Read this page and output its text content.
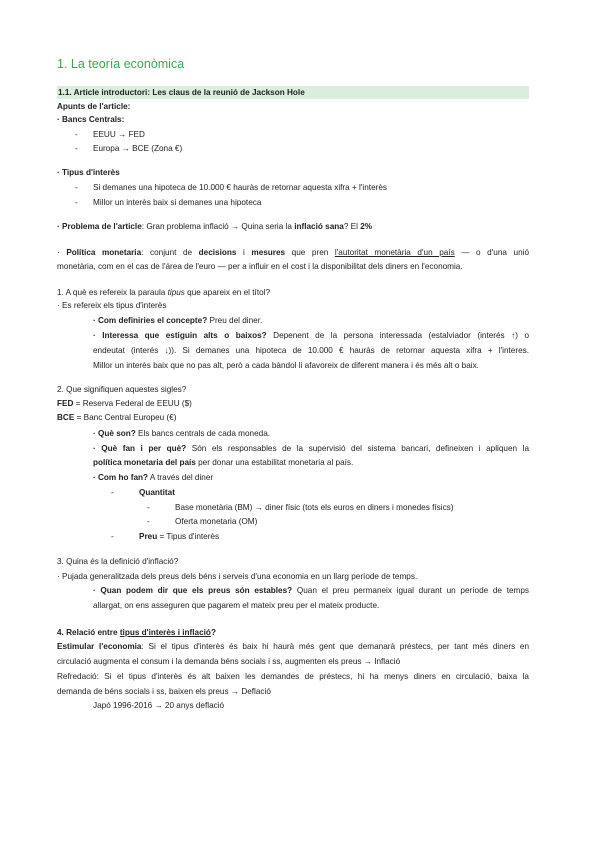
1. La teoría econòmica
1.1. Article introductori: Les claus de la reunió de Jackson Hole
Apunts de l'article:
· Bancs Centrals:
- EEUU → FED
- Europa → BCE (Zona €)
· Tipus d'interès
- Si demanes una hipoteca de 10.000 € hauràs de retornar aquesta xifra + l'interès
- Millor un interès baix si demanes una hipoteca
· Problema de l'article: Gran problema inflació → Quina seria la inflació sana? El 2%
· Política monetaria: conjunt de decisions i mesures que pren l'autoritat monetària d'un país — o d'una unió
monetària, com en el cas de l'área de l'euro — per a influir en el cost i la disponibilitat dels diners en l'economia.
1. A què es refereix la paraula tipus que apareix en el títol?
· Es refereix els tipus d'interès
· Com definiries el concepte? Preu del diner.
· Interessa que estiguin alts o baixos? Depenent de la persona interessada (estalviador (interés ↑) o
endeutat (interés ↓)). Si demanes una hipoteca de 10.000 € hauràs de retornar aquesta xifra + l'interes.
Millor un interès baix que no pas alt, però a cada bàndol li afavoreix de diferent manera i és més alt o baix.
2. Que signifiquen aquestes sigles?
FED = Reserva Federal de EEUU ($)
BCE = Banc Central Europeu (€)
· Què son? Els bancs centrals de cada moneda.
· Què fan i per què? Són els responsables de la supervisió del sistema bancari, defineixen i apliquen la
política monetaria del país per donar una estabilitat monetaria al país.
· Com ho fan? A través del diner
-	Quantitat
-	Base monetària (BM) → diner físic (tots els euros en diners i monedes físics)
-	Oferta monetaria (OM)
-	Preu = Tipus d'interès
3. Quina és la definició d'inflació?
· Pujada generalitzada dels preus dels béns i serveis d'una economia en un llarg període de temps.
· Quan podem dir que els preus són estables? Quan el preu permaneix igual durant un període de temps
allargat, on ens asseguren que pagarem el mateix preu per el mateix producte.
4. Relació entre tipus d'interès i inflació?
Estimular l'economia: Si el tipus d'interès és baix hi haurà més gent que demanarà préstecs, per tant més diners en
circulació augmenta el consum i la demanda béns socials i ss, augmenten els preus → Inflació
Refredació: Si el tipus d'interès és alt baixen les demandes de préstecs, hi ha menys diners en circulació, baixa la
demanda de béns socials i ss, baixen els preus → Deflació
Japó 1996-2016 → 20 anys deflació
